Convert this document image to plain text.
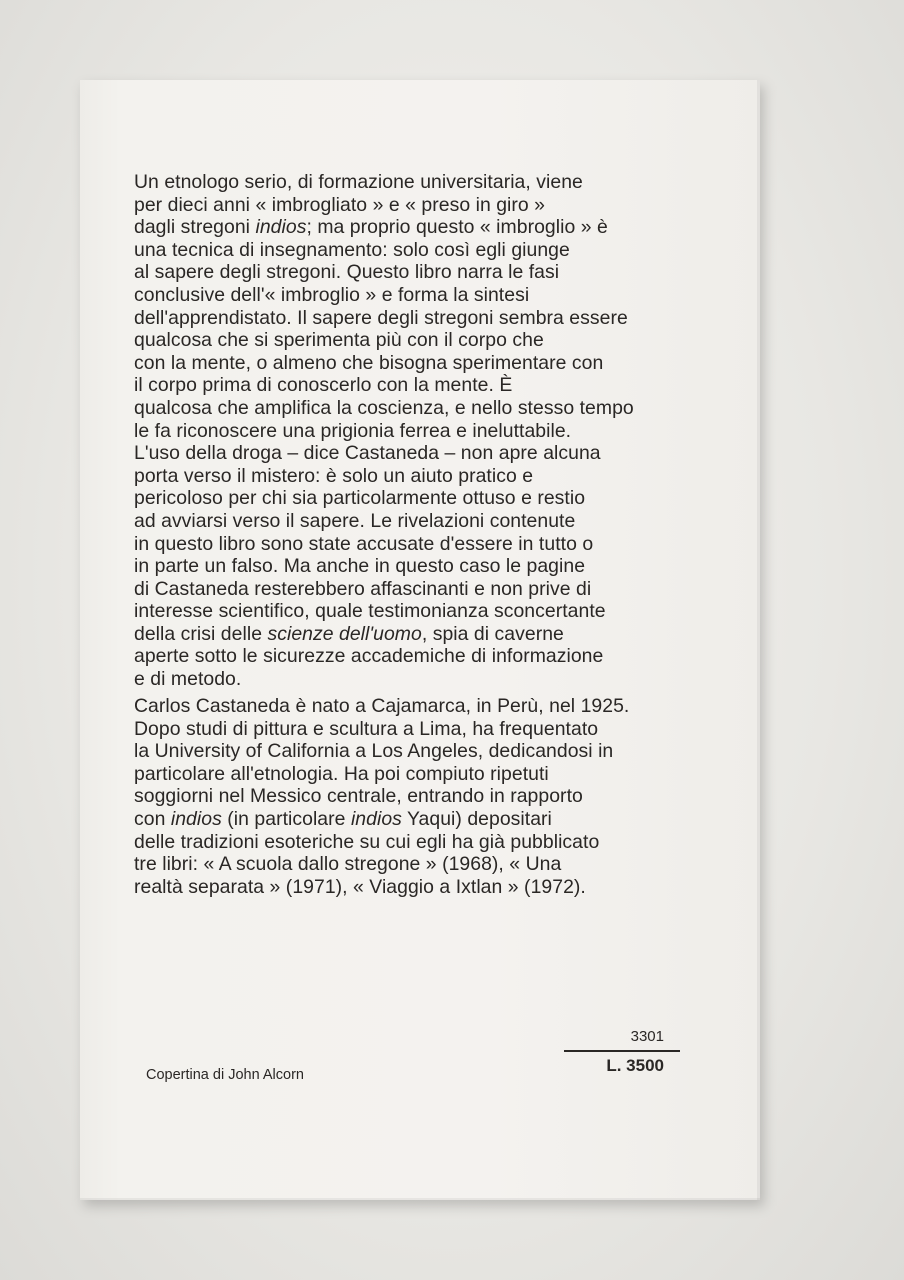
Un etnologo serio, di formazione universitaria, viene
per dieci anni « imbrogliato » e « preso in giro »
dagli stregoni indios; ma proprio questo « imbroglio » è
una tecnica di insegnamento: solo così egli giunge
al sapere degli stregoni. Questo libro narra le fasi
conclusive dell'« imbroglio » e forma la sintesi
dell'apprendistato. Il sapere degli stregoni sembra essere
qualcosa che si sperimenta più con il corpo che
con la mente, o almeno che bisogna sperimentare con
il corpo prima di conoscerlo con la mente. È
qualcosa che amplifica la coscienza, e nello stesso tempo
le fa riconoscere una prigionia ferrea e ineluttabile.
L'uso della droga – dice Castaneda – non apre alcuna
porta verso il mistero: è solo un aiuto pratico e
pericoloso per chi sia particolarmente ottuso e restio
ad avviarsi verso il sapere. Le rivelazioni contenute
in questo libro sono state accusate d'essere in tutto o
in parte un falso. Ma anche in questo caso le pagine
di Castaneda resterebbero affascinanti e non prive di
interesse scientifico, quale testimonianza sconcertante
della crisi delle scienze dell'uomo, spia di caverne
aperte sotto le sicurezze accademiche di informazione
e di metodo.
Carlos Castaneda è nato a Cajamarca, in Perù, nel 1925.
Dopo studi di pittura e scultura a Lima, ha frequentato
la University of California a Los Angeles, dedicandosi in
particolare all'etnologia. Ha poi compiuto ripetuti
soggiorni nel Messico centrale, entrando in rapporto
con indios (in particolare indios Yaqui) depositari
delle tradizioni esoteriche su cui egli ha già pubblicato
tre libri: « A scuola dallo stregone » (1968), « Una
realtà separata » (1971), « Viaggio a Ixtlan » (1972).
Copertina di John Alcorn
3301
L. 3500
